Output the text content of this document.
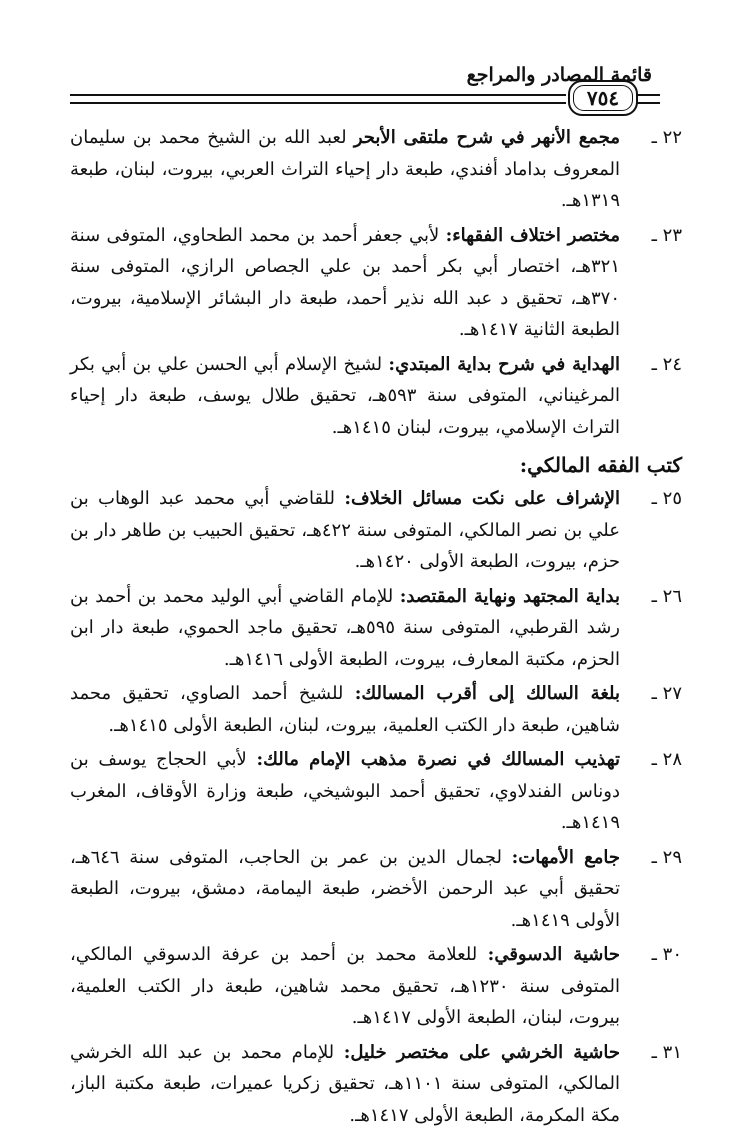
قائمة المصادر والمراجع
٧٥٤
٢٢ ـ
مجمع الأنهر في شرح ملتقى الأبحر لعبد الله بن الشيخ محمد بن سليمان المعروف بداماد أفندي، طبعة دار إحياء التراث العربي، بيروت، لبنان، طبعة ١٣١٩هـ.
٢٣ ـ
مختصر اختلاف الفقهاء: لأبي جعفر أحمد بن محمد الطحاوي، المتوفى سنة ٣٢١هـ، اختصار أبي بكر أحمد بن علي الجصاص الرازي، المتوفى سنة ٣٧٠هـ، تحقيق د عبد الله نذير أحمد، طبعة دار البشائر الإسلامية، بيروت، الطبعة الثانية ١٤١٧هـ.
٢٤ ـ
الهداية في شرح بداية المبتدي: لشيخ الإسلام أبي الحسن علي بن أبي بكر المرغيناني، المتوفى سنة ٥٩٣هـ، تحقيق طلال يوسف، طبعة دار إحياء التراث الإسلامي، بيروت، لبنان ١٤١٥هـ.
كتب الفقه المالكي:
٢٥ ـ
الإشراف على نكت مسائل الخلاف: للقاضي أبي محمد عبد الوهاب بن علي بن نصر المالكي، المتوفى سنة ٤٢٢هـ، تحقيق الحبيب بن طاهر دار بن حزم، بيروت، الطبعة الأولى ١٤٢٠هـ.
٢٦ ـ
بداية المجتهد ونهاية المقتصد: للإمام القاضي أبي الوليد محمد بن أحمد بن رشد القرطبي، المتوفى سنة ٥٩٥هـ، تحقيق ماجد الحموي، طبعة دار ابن الحزم، مكتبة المعارف، بيروت، الطبعة الأولى ١٤١٦هـ.
٢٧ ـ
بلغة السالك إلى أقرب المسالك: للشيخ أحمد الصاوي، تحقيق محمد شاهين، طبعة دار الكتب العلمية، بيروت، لبنان، الطبعة الأولى ١٤١٥هـ.
٢٨ ـ
تهذيب المسالك في نصرة مذهب الإمام مالك: لأبي الحجاج يوسف بن دوناس الفندلاوي، تحقيق أحمد البوشيخي، طبعة وزارة الأوقاف، المغرب ١٤١٩هـ.
٢٩ ـ
جامع الأمهات: لجمال الدين بن عمر بن الحاجب، المتوفى سنة ٦٤٦هـ، تحقيق أبي عبد الرحمن الأخضر، طبعة اليمامة، دمشق، بيروت، الطبعة الأولى ١٤١٩هـ.
٣٠ ـ
حاشية الدسوقي: للعلامة محمد بن أحمد بن عرفة الدسوقي المالكي، المتوفى سنة ١٢٣٠هـ، تحقيق محمد شاهين، طبعة دار الكتب العلمية، بيروت، لبنان، الطبعة الأولى ١٤١٧هـ.
٣١ ـ
حاشية الخرشي على مختصر خليل: للإمام محمد بن عبد الله الخرشي المالكي، المتوفى سنة ١١٠١هـ، تحقيق زكريا عميرات، طبعة مكتبة الباز، مكة المكرمة، الطبعة الأولى ١٤١٧هـ.
